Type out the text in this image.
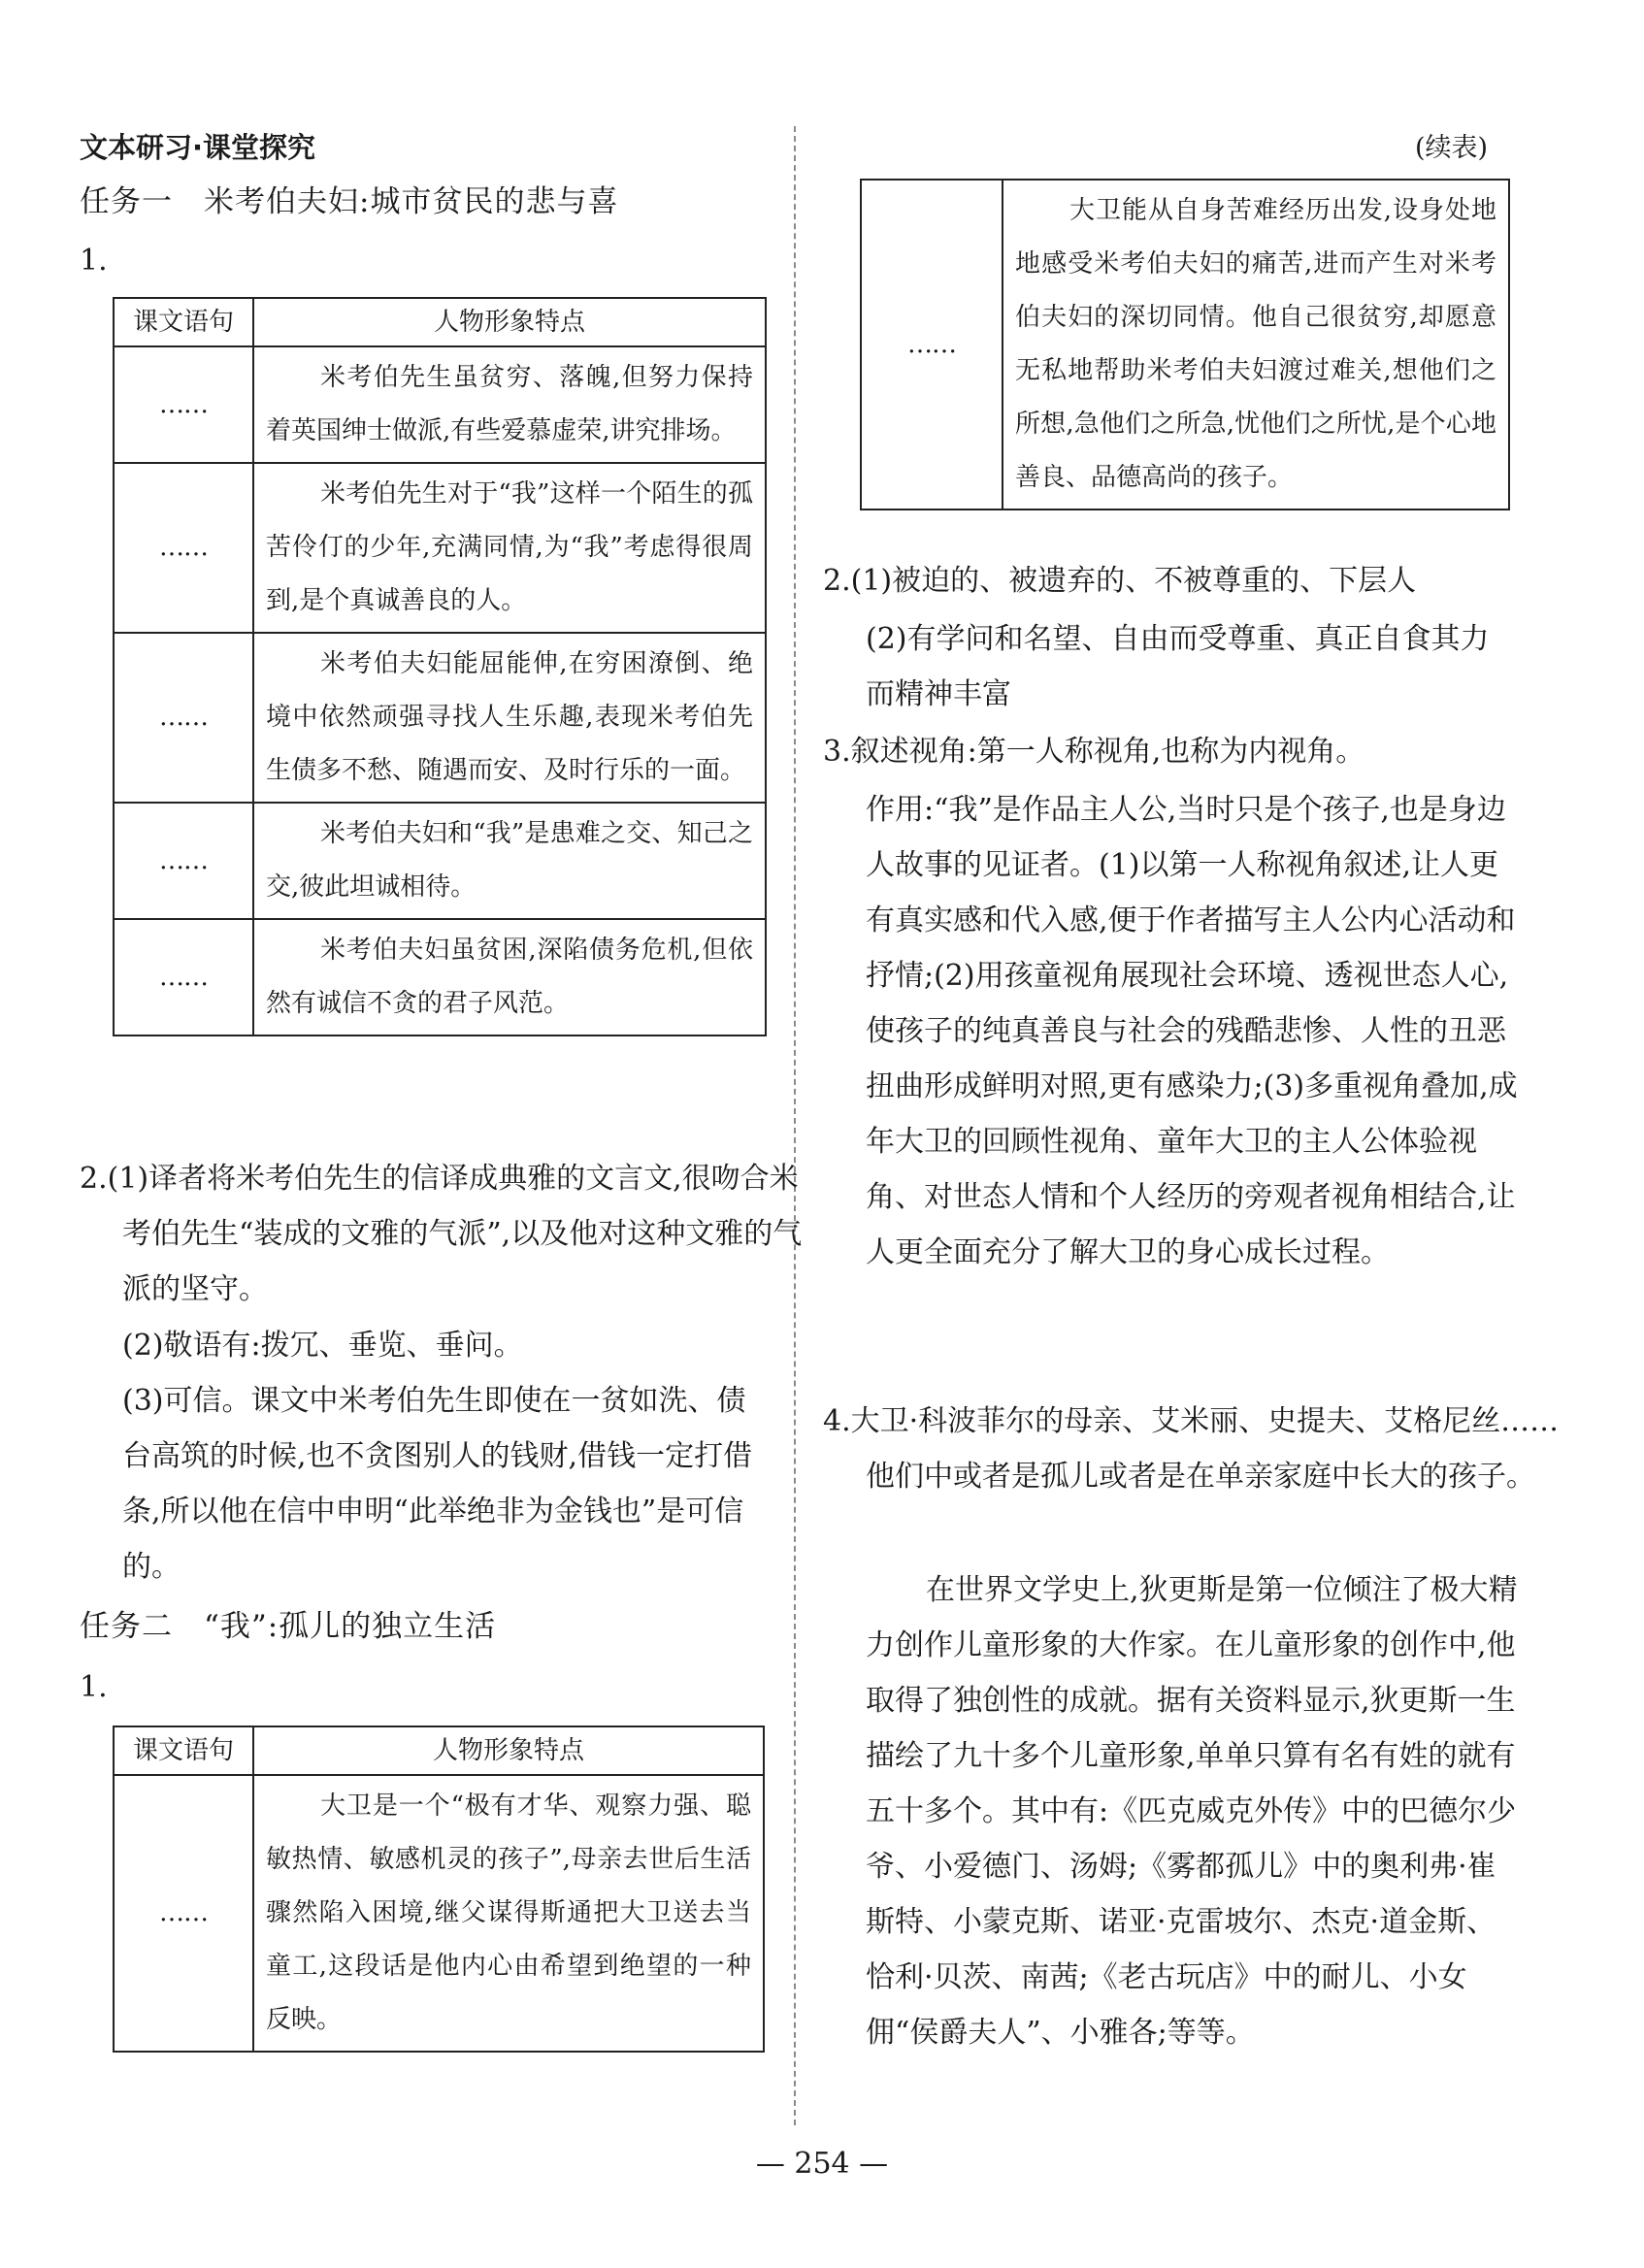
文本研习·课堂探究
任务一　米考伯夫妇:城市贫民的悲与喜
1.
课文语句	人物形象特点
……	米考伯先生虽贫穷、落魄,但努力保持着英国绅士做派,有些爱慕虚荣,讲究排场。
……	米考伯先生对于“我”这样一个陌生的孤苦伶仃的少年,充满同情,为“我”考虑得很周到,是个真诚善良的人。
……	米考伯夫妇能屈能伸,在穷困潦倒、绝境中依然顽强寻找人生乐趣,表现米考伯先生债多不愁、随遇而安、及时行乐的一面。
……	米考伯夫妇和“我”是患难之交、知己之交,彼此坦诚相待。
……	米考伯夫妇虽贫困,深陷债务危机,但依然有诚信不贪的君子风范。
2.(1)译者将米考伯先生的信译成典雅的文言文,很吻合米考伯先生“装成的文雅的气派”,以及他对这种文雅的气派的坚守。
(2)敬语有:拨冗、垂览、垂问。
(3)可信。课文中米考伯先生即使在一贫如洗、债台高筑的时候,也不贪图别人的钱财,借钱一定打借条,所以他在信中申明“此举绝非为金钱也”是可信的。
任务二　“我”:孤儿的独立生活
1.
课文语句	人物形象特点
……	大卫是一个“极有才华、观察力强、聪敏热情、敏感机灵的孩子”,母亲去世后生活骤然陷入困境,继父谋得斯通把大卫送去当童工,这段话是他内心由希望到绝望的一种反映。
(续表)
……	大卫能从自身苦难经历出发,设身处地地感受米考伯夫妇的痛苦,进而产生对米考伯夫妇的深切同情。他自己很贫穷,却愿意无私地帮助米考伯夫妇渡过难关,想他们之所想,急他们之所急,忧他们之所忧,是个心地善良、品德高尚的孩子。
2.(1)被迫的、被遗弃的、不被尊重的、下层人
(2)有学问和名望、自由而受尊重、真正自食其力而精神丰富
3.叙述视角:第一人称视角,也称为内视角。
作用:“我”是作品主人公,当时只是个孩子,也是身边人故事的见证者。(1)以第一人称视角叙述,让人更有真实感和代入感,便于作者描写主人公内心活动和抒情;(2)用孩童视角展现社会环境、透视世态人心,使孩子的纯真善良与社会的残酷悲惨、人性的丑恶扭曲形成鲜明对照,更有感染力;(3)多重视角叠加,成年大卫的回顾性视角、童年大卫的主人公体验视角、对世态人情和个人经历的旁观者视角相结合,让人更全面充分了解大卫的身心成长过程。
4.大卫·科波菲尔的母亲、艾米丽、史提夫、艾格尼丝……他们中或者是孤儿或者是在单亲家庭中长大的孩子。
在世界文学史上,狄更斯是第一位倾注了极大精力创作儿童形象的大作家。在儿童形象的创作中,他取得了独创性的成就。据有关资料显示,狄更斯一生描绘了九十多个儿童形象,单单只算有名有姓的就有五十多个。其中有:《匹克威克外传》中的巴德尔少爷、小爱德门、汤姆;《雾都孤儿》中的奥利弗·崔斯特、小蒙克斯、诺亚·克雷坡尔、杰克·道金斯、恰利·贝茨、南茜;《老古玩店》中的耐儿、小女佣“侯爵夫人”、小雅各;等等。
— 254 —
